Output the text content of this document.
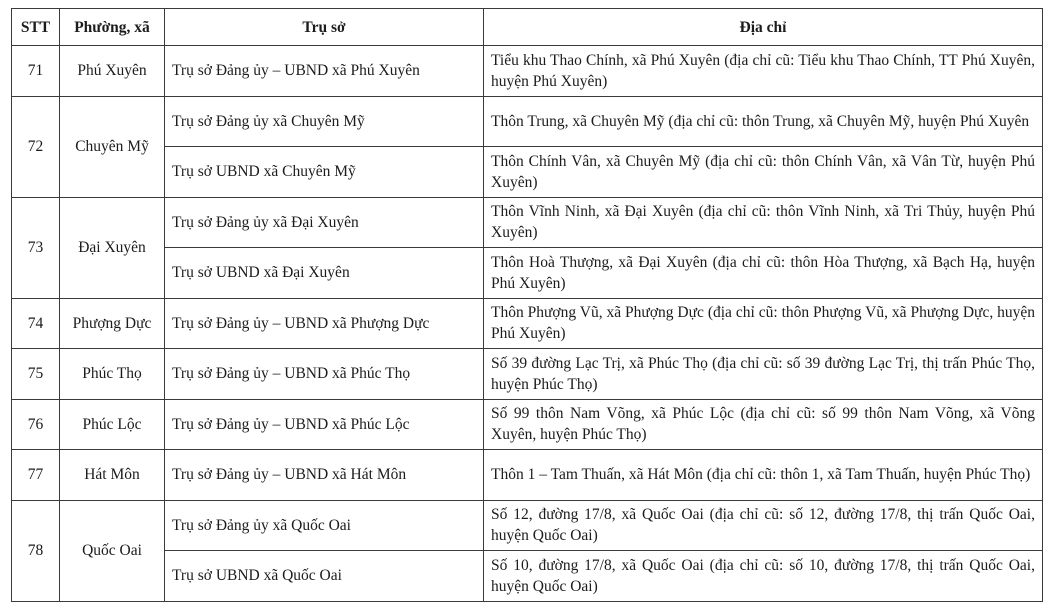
STT	Phường, xã	Trụ sở	Địa chỉ
71	Phú Xuyên	Trụ sở Đảng ủy – UBND xã Phú Xuyên	Tiểu khu Thao Chính, xã Phú Xuyên (địa chỉ cũ: Tiểu khu Thao Chính, TT Phú Xuyên, huyện Phú Xuyên)
72	Chuyên Mỹ	Trụ sở Đảng ủy xã Chuyên Mỹ	Thôn Trung, xã Chuyên Mỹ (địa chỉ cũ: thôn Trung, xã Chuyên Mỹ, huyện Phú Xuyên
		Trụ sở UBND xã Chuyên Mỹ	Thôn Chính Vân, xã Chuyên Mỹ (địa chỉ cũ: thôn Chính Vân, xã Vân Từ, huyện Phú Xuyên)
73	Đại Xuyên	Trụ sở Đảng ủy xã Đại Xuyên	Thôn Vĩnh Ninh, xã Đại Xuyên (địa chỉ cũ: thôn Vĩnh Ninh, xã Tri Thủy, huyện Phú Xuyên)
		Trụ sở UBND xã Đại Xuyên	Thôn Hoà Thượng, xã Đại Xuyên (địa chỉ cũ: thôn Hòa Thượng, xã Bạch Hạ, huyện Phú Xuyên)
74	Phượng Dực	Trụ sở Đảng ủy – UBND xã Phượng Dực	Thôn Phượng Vũ, xã Phượng Dực (địa chỉ cũ: thôn Phượng Vũ, xã Phượng Dực, huyện Phú Xuyên)
75	Phúc Thọ	Trụ sở Đảng ủy – UBND xã Phúc Thọ	Số 39 đường Lạc Trị, xã Phúc Thọ (địa chỉ cũ: số 39 đường Lạc Trị, thị trấn Phúc Thọ, huyện Phúc Thọ)
76	Phúc Lộc	Trụ sở Đảng ủy – UBND xã Phúc Lộc	Số 99 thôn Nam Võng, xã Phúc Lộc (địa chỉ cũ: số 99 thôn Nam Võng, xã Võng Xuyên, huyện Phúc Thọ)
77	Hát Môn	Trụ sở Đảng ủy – UBND xã Hát Môn	Thôn 1 – Tam Thuấn, xã Hát Môn (địa chỉ cũ: thôn 1, xã Tam Thuấn, huyện Phúc Thọ)
78	Quốc Oai	Trụ sở Đảng ủy xã Quốc Oai	Số 12, đường 17/8, xã Quốc Oai (địa chỉ cũ: số 12, đường 17/8, thị trấn Quốc Oai, huyện Quốc Oai)
		Trụ sở UBND xã Quốc Oai	Số 10, đường 17/8, xã Quốc Oai (địa chỉ cũ: số 10, đường 17/8, thị trấn Quốc Oai, huyện Quốc Oai)
